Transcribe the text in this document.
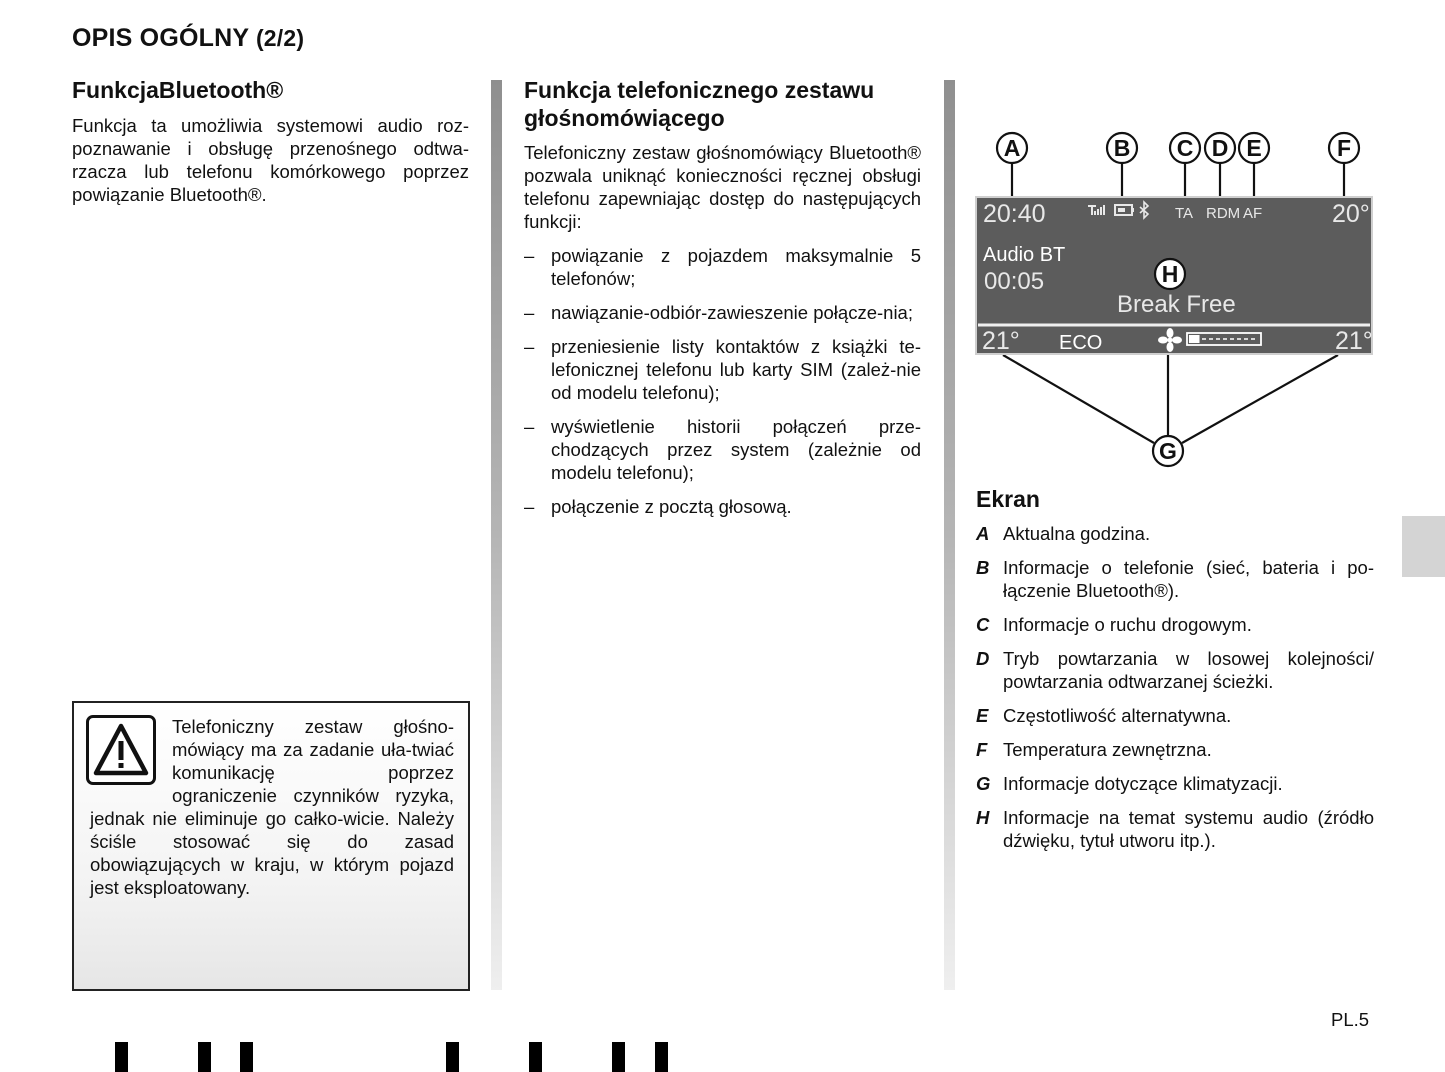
OPIS OGÓLNY (2/2)
FunkcjaBluetooth®
Funkcja ta umożliwia systemowi audio roz-poznawanie i obsługę przenośnego odtwa-rzacza lub telefonu komórkowego poprzez powiązanie Bluetooth®.
Telefoniczny zestaw głośno-mówiący ma za zadanie uła-twiać komunikację poprzez ograniczenie czynników ryzyka, jednak nie eliminuje go całko-wicie. Należy ściśle stosować się do zasad obowiązujących w kraju, w którym pojazd jest eksploatowany.
Funkcja telefonicznego zestawu głośnomówiącego
Telefoniczny zestaw głośnomówiący Bluetooth® pozwala uniknąć konieczności ręcznej obsługi telefonu zapewniając dostęp do następujących funkcji:
– powiązanie z pojazdem maksymalnie 5 telefonów;
– nawiązanie-odbiór-zawieszenie połącze-nia;
– przeniesienie listy kontaktów z książki te-lefonicznej telefonu lub karty SIM (zależ-nie od modelu telefonu);
– wyświetlenie historii połączeń prze-chodzących przez system (zależnie od modelu telefonu);
– połączenie z pocztą głosową.
20:40	TA RDM AF	20°
Audio BT
00:05
Break Free
21° ECO	21°
A	B C D E	F
G
H
Ekran
A Aktualna godzina.
B Informacje o telefonie (sieć, bateria i po-łączenie Bluetooth®).
C Informacje o ruchu drogowym.
D Tryb powtarzania w losowej kolejności/ powtarzania odtwarzanej ścieżki.
E Częstotliwość alternatywna.
F Temperatura zewnętrzna.
G Informacje dotyczące klimatyzacji.
H Informacje na temat systemu audio (źródło dźwięku, tytuł utworu itp.).
PL.5
